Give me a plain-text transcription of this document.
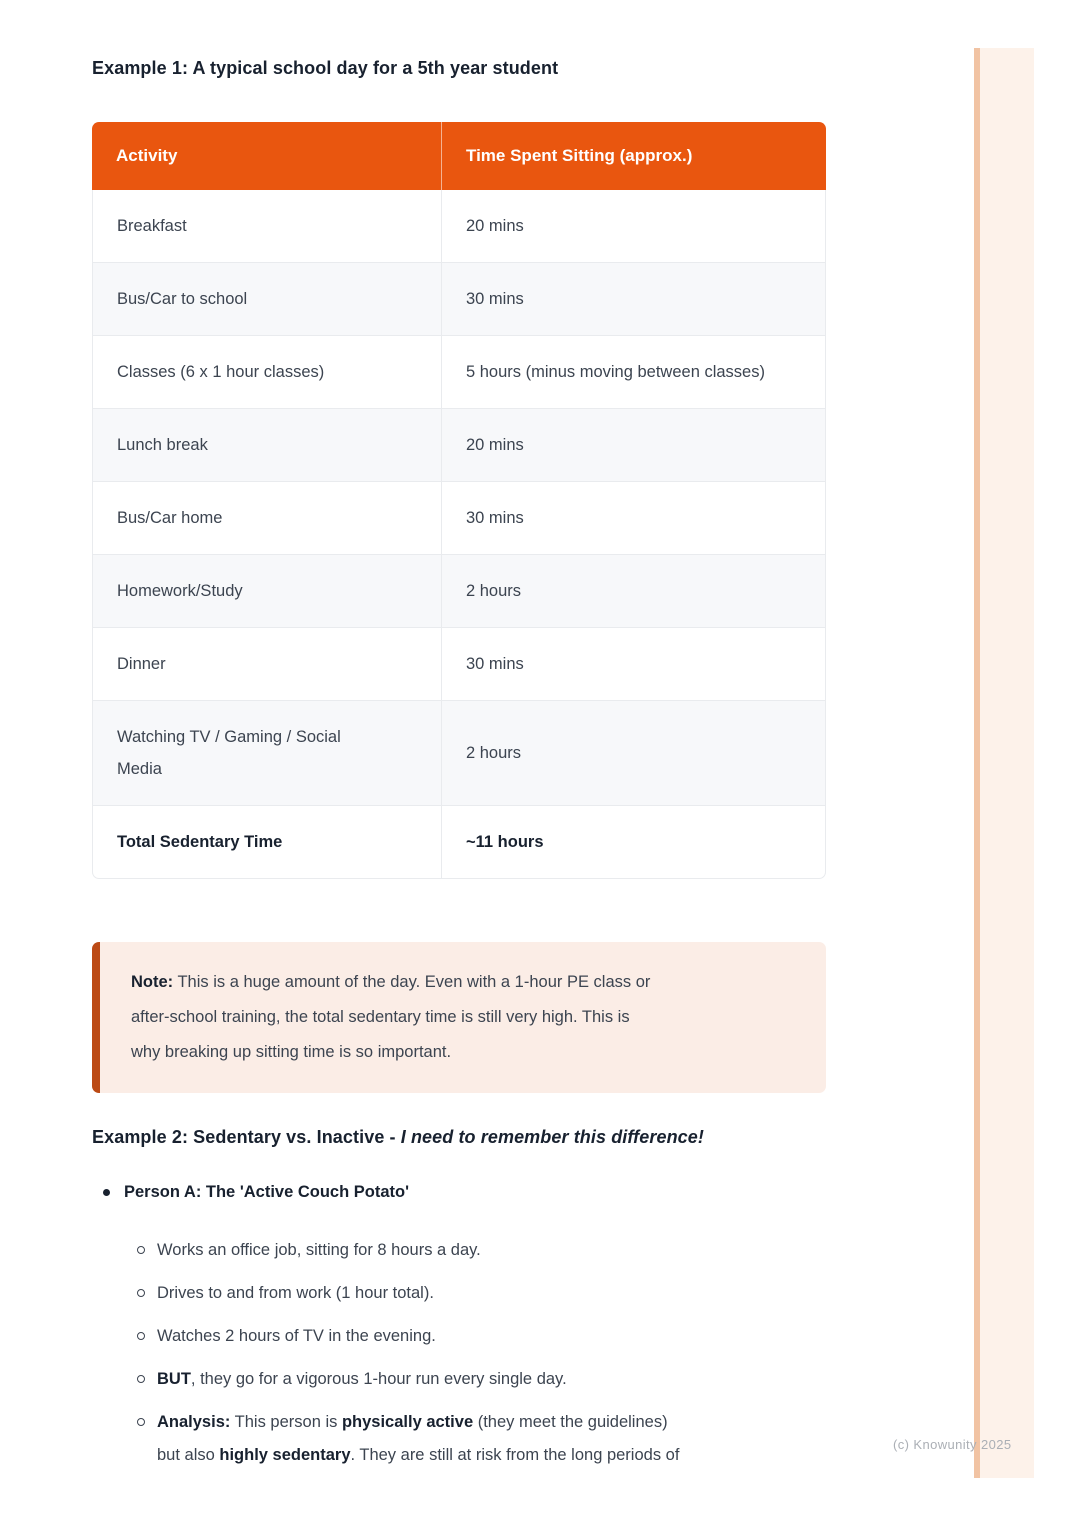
Example 1: A typical school day for a 5th year student
Activity	Time Spent Sitting (approx.)
Breakfast	20 mins
Bus/Car to school	30 mins
Classes (6 x 1 hour classes)	5 hours (minus moving between classes)
Lunch break	20 mins
Bus/Car home	30 mins
Homework/Study	2 hours
Dinner	30 mins
Watching TV / Gaming / Social Media	2 hours
Total Sedentary Time	~11 hours
Note: This is a huge amount of the day. Even with a 1-hour PE class or
after-school training, the total sedentary time is still very high. This is
why breaking up sitting time is so important.
Example 2: Sedentary vs. Inactive - I need to remember this difference!
Person A: The 'Active Couch Potato'
Works an office job, sitting for 8 hours a day.
Drives to and from work (1 hour total).
Watches 2 hours of TV in the evening.
BUT, they go for a vigorous 1-hour run every single day.
Analysis: This person is physically active (they meet the guidelines)
but also highly sedentary. They are still at risk from the long periods of
(c) Knowunity 2025
